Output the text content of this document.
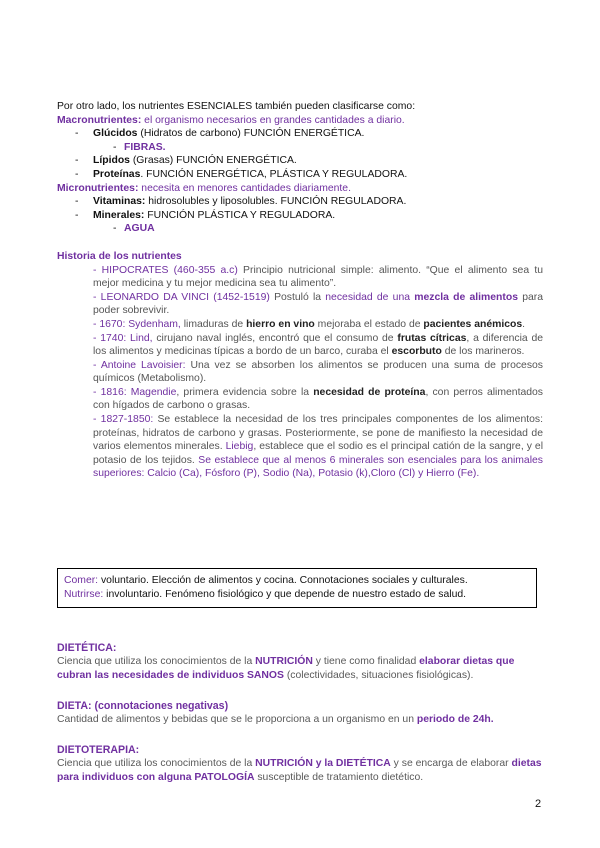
Por otro lado, los nutrientes ESENCIALES también pueden clasificarse como:
Macronutrientes: el organismo necesarios en grandes cantidades a diario.
- Glúcidos (Hidratos de carbono) FUNCIÓN ENERGÉTICA.
- FIBRAS.
- Lípidos (Grasas) FUNCIÓN ENERGÉTICA.
- Proteínas. FUNCIÓN ENERGÉTICA, PLÁSTICA Y REGULADORA.
Micronutrientes: necesita en menores cantidades diariamente.
- Vitaminas: hidrosolubles y liposolubles. FUNCIÓN REGULADORA.
- Minerales: FUNCIÓN PLÁSTICA Y REGULADORA.
- AGUA
Historia de los nutrientes

- HIPOCRATES (460-355 a.c) Principio nutricional simple: alimento. “Que el alimento sea tu mejor medicina y tu mejor medicina sea tu alimento”.

- LEONARDO DA VINCI (1452-1519) Postuló la necesidad de una mezcla de alimentos para poder sobrevivir.

- 1670: Sydenham, limaduras de hierro en vino mejoraba el estado de pacientes anémicos.

- 1740: Lind, cirujano naval inglés, encontró que el consumo de frutas cítricas, a diferencia de los alimentos y medicinas típicas a bordo de un barco, curaba el escorbuto de los marineros.

- Antoine Lavoisier: Una vez se absorben los alimentos se producen una suma de procesos químicos (Metabolismo).

- 1816: Magendie, primera evidencia sobre la necesidad de proteína, con perros alimentados con hígados de carbono o grasas.

- 1827-1850: Se establece la necesidad de los tres principales componentes de los alimentos: proteínas, hidratos de carbono y grasas. Posteriormente, se pone de manifiesto la necesidad de varios elementos minerales. Liebig, establece que el sodio es el principal catión de la sangre, y el potasio de los tejidos. Se establece que al menos 6 minerales son esenciales para los animales superiores: Calcio (Ca), Fósforo (P), Sodio (Na), Potasio (k),Cloro (Cl) y Hierro (Fe).

Comer: voluntario. Elección de alimentos y cocina. Connotaciones sociales y culturales.
Nutrirse: involuntario. Fenómeno fisiológico y que depende de nuestro estado de salud.
DIETÉTICA:

Ciencia que utiliza los conocimientos de la NUTRICIÓN y tiene como finalidad elaborar dietas que cubran las necesidades de individuos SANOS (colectividades, situaciones fisiológicas).

DIETA: (connotaciones negativas)

Cantidad de alimentos y bebidas que se le proporciona a un organismo en un periodo de 24h.

DIETOTERAPIA:

Ciencia que utiliza los conocimientos de la NUTRICIÓN y la DIETÉTICA y se encarga de elaborar dietas para individuos con alguna PATOLOGÍA susceptible de tratamiento dietético.

2
